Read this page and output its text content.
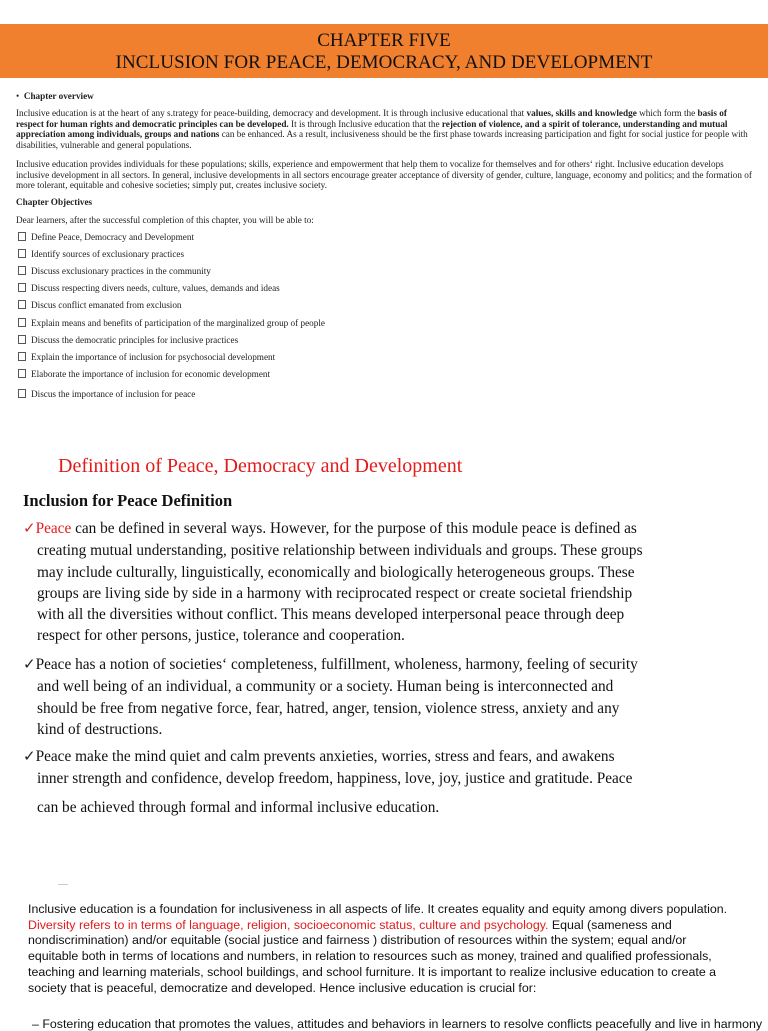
CHAPTER FIVE
INCLUSION FOR PEACE, DEMOCRACY, AND DEVELOPMENT
•  Chapter overview
Inclusive education is at the heart of any s.trategy for peace-building, democracy and development. It is through inclusive educational that values, skills and knowledge which form the basis of respect for human rights and democratic principles can be developed. It is through Inclusive education that the rejection of violence, and a spirit of tolerance, understanding and mutual appreciation among individuals, groups and nations can be enhanced. As a result, inclusiveness should be the first phase towards increasing participation and fight for social justice for people with disabilities, vulnerable and general populations.
Inclusive education provides individuals for these populations; skills, experience and empowerment that help them to vocalize for themselves and for others‘ right. Inclusive education develops inclusive development in all sectors. In general, inclusive developments in all sectors encourage greater acceptance of diversity of gender, culture, language, economy and politics; and the formation of more tolerant, equitable and cohesive societies; simply put, creates inclusive society.
Chapter Objectives
Dear learners, after the successful completion of this chapter, you will be able to:
Define Peace, Democracy and Development
Identify sources of exclusionary practices
Discuss exclusionary practices in the community
Discuss respecting divers needs, culture, values, demands and ideas
Discus conflict emanated from exclusion
Explain means and benefits of participation of the marginalized group of people
Discuss the democratic principles for inclusive practices
Explain the importance of inclusion for psychosocial development
Elaborate the importance of inclusion for economic development
Discus the importance of inclusion for peace
Definition of Peace, Democracy and Development
Inclusion for Peace Definition
✓Peace can be defined in several ways. However, for the purpose of this module peace is defined as
creating mutual understanding, positive relationship between individuals and groups. These groups
may include culturally, linguistically, economically and biologically heterogeneous groups. These
groups are living side by side in a harmony with reciprocated respect or create societal friendship
with all the diversities without conflict. This means developed interpersonal peace through deep
respect for other persons, justice, tolerance and cooperation.
✓Peace has a notion of societies‘ completeness, fulfillment, wholeness, harmony, feeling of security
and well being of an individual, a community or a society. Human being is interconnected and
should be free from negative force, fear, hatred, anger, tension, violence stress, anxiety and any
kind of destructions.
✓Peace make the mind quiet and calm prevents anxieties, worries, stress and fears, and awakens
inner strength and confidence, develop freedom, happiness, love, joy, justice and gratitude. Peace
can be achieved through formal and informal inclusive education.
Inclusive education is a foundation for inclusiveness in all aspects of life. It creates equality and equity among divers population. Diversity refers to in terms of language, religion, socioeconomic status, culture and psychology. Equal (sameness and nondiscrimination) and/or equitable (social justice and fairness ) distribution of resources within the system; equal and/or equitable both in terms of locations and numbers, in relation to resources such as money, trained and qualified professionals, teaching and learning materials, school buildings, and school furniture. It is important to realize inclusive education to create a society that is peaceful, democratize and developed. Hence inclusive education is crucial for:
– Fostering education that promotes the values, attitudes and behaviors in learners to resolve conflicts peacefully and live in harmony
